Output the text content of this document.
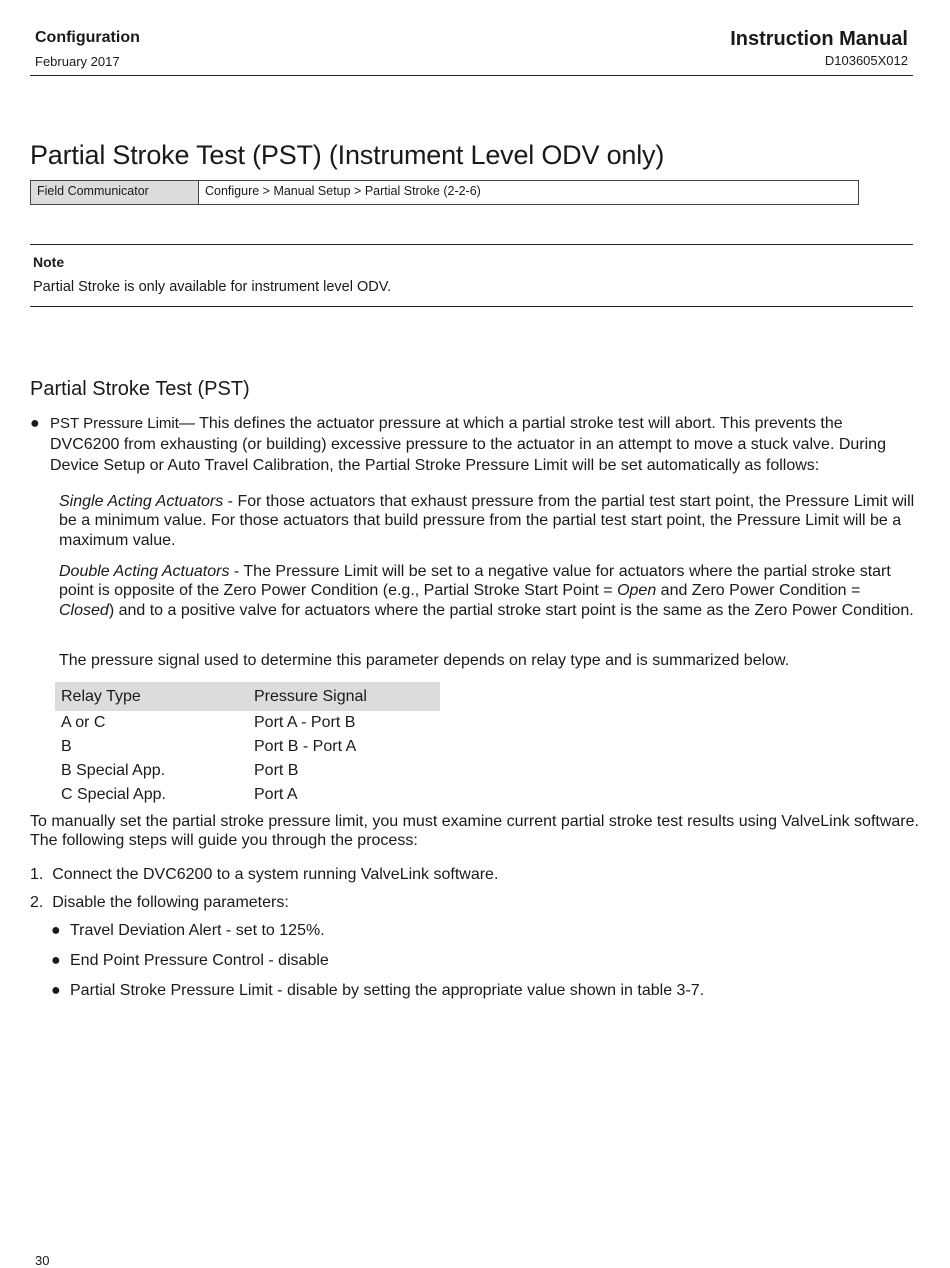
Configuration
February 2017
Instruction Manual
D103605X012
Partial Stroke Test (PST) (Instrument Level ODV only)
Field Communicator	Configure > Manual Setup > Partial Stroke (2-2-6)
Note
Partial Stroke is only available for instrument level ODV.
Partial Stroke Test (PST)
● PST Pressure Limit— This defines the actuator pressure at which a partial stroke test will abort. This prevents the DVC6200 from exhausting (or building) excessive pressure to the actuator in an attempt to move a stuck valve. During Device Setup or Auto Travel Calibration, the Partial Stroke Pressure Limit will be set automatically as follows:
Single Acting Actuators - For those actuators that exhaust pressure from the partial test start point, the Pressure Limit will be a minimum value. For those actuators that build pressure from the partial test start point, the Pressure Limit will be a maximum value.
Double Acting Actuators - The Pressure Limit will be set to a negative value for actuators where the partial stroke start point is opposite of the Zero Power Condition (e.g., Partial Stroke Start Point = Open and Zero Power Condition = Closed) and to a positive valve for actuators where the partial stroke start point is the same as the Zero Power Condition.
The pressure signal used to determine this parameter depends on relay type and is summarized below.
Relay Type	Pressure Signal
A or C	Port A - Port B
B	Port B - Port A
B Special App.	Port B
C Special App.	Port A
To manually set the partial stroke pressure limit, you must examine current partial stroke test results using ValveLink software. The following steps will guide you through the process:
1. Connect the DVC6200 to a system running ValveLink software.
2. Disable the following parameters:
● Travel Deviation Alert - set to 125%.
● End Point Pressure Control - disable
● Partial Stroke Pressure Limit - disable by setting the appropriate value shown in table 3-7.
30
